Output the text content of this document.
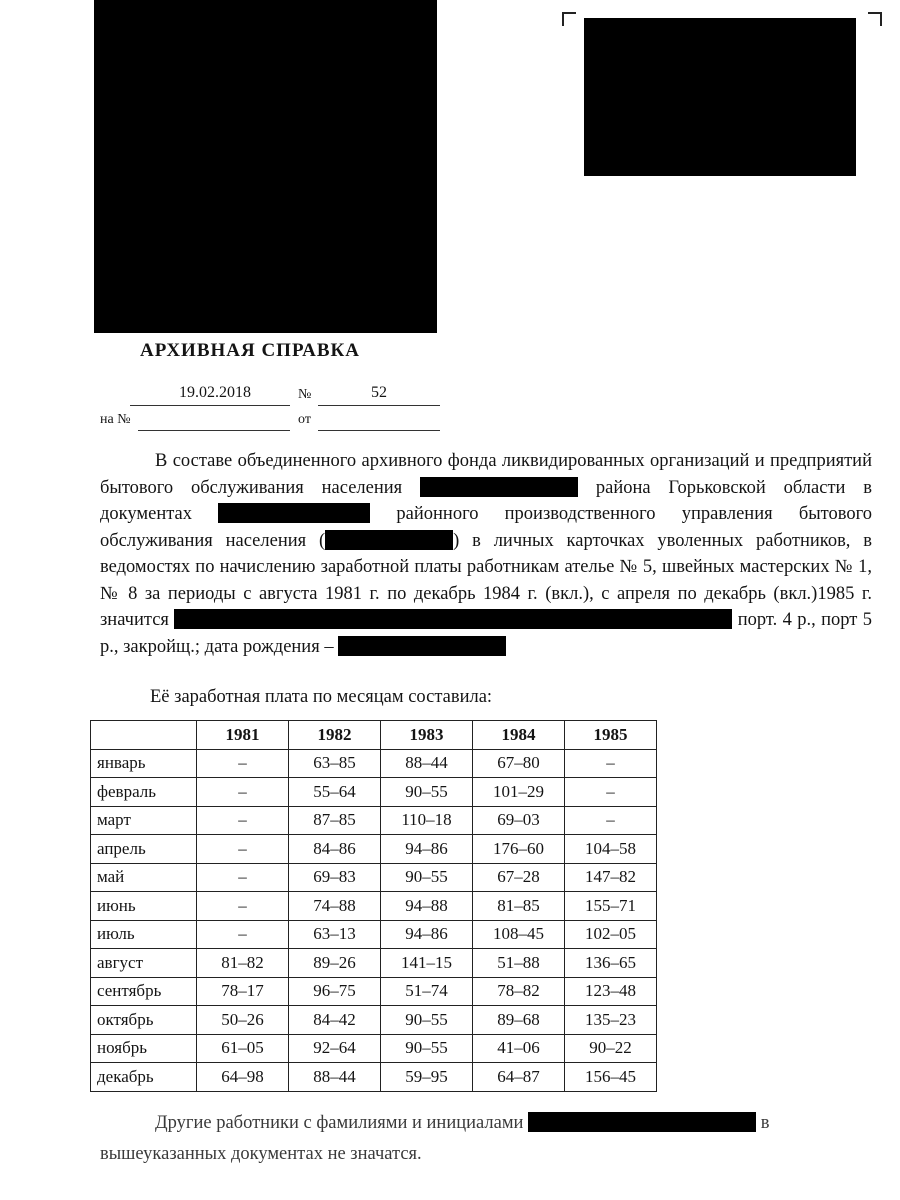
АРХИВНАЯ СПРАВКА
19.02.2018	№	52
на №	от

В составе объединенного архивного фонда ликвидированных организаций и предприятий бытового обслуживания населения	района Горьковской области в документах	районного производственного управления бытового обслуживания населения (	) в личных карточках уволенных работников, в ведомостях по начислению заработной платы работникам ателье № 5, швейных мастерских № 1, № 8 за периоды с августа 1981 г. по декабрь 1984 г. (вкл.), с апреля по декабрь (вкл.)1985 г. значится	порт. 4 р., порт 5 р., закройщ.; дата рождения –

Её заработная плата по месяцам составила:
	1981	1982	1983	1984	1985
январь	–	63–85	88–44	67–80	–
февраль	–	55–64	90–55	101–29	–
март	–	87–85	110–18	69–03	–
апрель	–	84–86	94–86	176–60	104–58
май	–	69–83	90–55	67–28	147–82
июнь	–	74–88	94–88	81–85	155–71
июль	–	63–13	94–86	108–45	102–05
август	81–82	89–26	141–15	51–88	136–65
сентябрь	78–17	96–75	51–74	78–82	123–48
октябрь	50–26	84–42	90–55	89–68	135–23
ноябрь	61–05	92–64	90–55	41–06	90–22
декабрь	64–98	88–44	59–95	64–87	156–45
Другие работники с фамилиями и инициалами	в
вышеуказанных документах не значатся.
